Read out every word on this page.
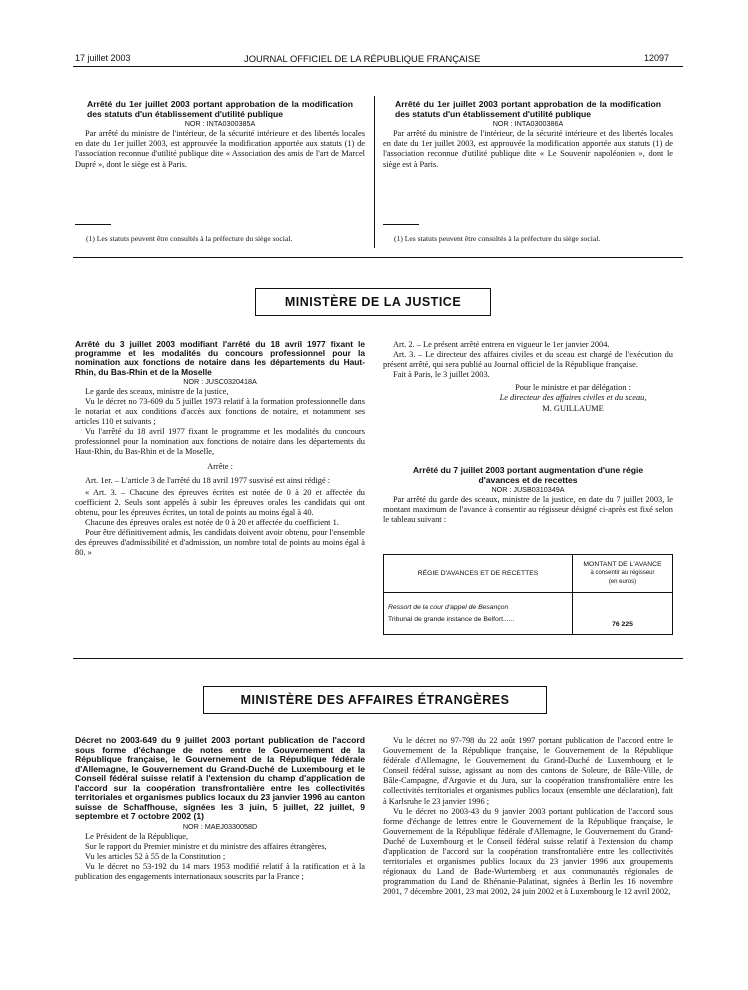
17 juillet 2003	JOURNAL OFFICIEL DE LA RÉPUBLIQUE FRANÇAISE	12097

Arrêté du 1er juillet 2003 portant approbation de la modification des statuts d'un établissement d'utilité publique

NOR : INTA0300385A

Par arrêté du ministre de l'intérieur, de la sécurité intérieure et des libertés locales en date du 1er juillet 2003, est approuvée la modification apportée aux statuts (1) de l'association reconnue d'utilité publique dite « Association des amis de l'art de Marcel Dupré », dont le siège est à Paris.

(1) Les statuts peuvent être consultés à la préfecture du siège social.

Arrêté du 1er juillet 2003 portant approbation de la modification des statuts d'un établissement d'utilité publique

NOR : INTA0300386A

Par arrêté du ministre de l'intérieur, de la sécurité intérieure et des libertés locales en date du 1er juillet 2003, est approuvée la modification apportée aux statuts (1) de l'association reconnue d'utilité publique dite « Le Souvenir napoléonien », dont le siège est à Paris.

(1) Les statuts peuvent être consultés à la préfecture du siège social.
MINISTÈRE DE LA JUSTICE

Arrêté du 3 juillet 2003 modifiant l'arrêté du 18 avril 1977 fixant le programme et les modalités du concours professionnel pour la nomination aux fonctions de notaire dans les départements du Haut-Rhin, du Bas-Rhin et de la Moselle

NOR : JUSC0320418A

Le garde des sceaux, ministre de la justice,

Vu le décret no 73-609 du 5 juillet 1973 relatif à la formation professionnelle dans le notariat et aux conditions d'accès aux fonctions de notaire, et notamment ses articles 110 et suivants ;

Vu l'arrêté du 18 avril 1977 fixant le programme et les modalités du concours professionnel pour la nomination aux fonctions de notaire dans les départements du Haut-Rhin, du Bas-Rhin et de la Moselle,

Arrête :

Art. 1er. – L'article 3 de l'arrêté du 18 avril 1977 susvisé est ainsi rédigé :

« Art. 3. – Chacune des épreuves écrites est notée de 0 à 20 et affectée du coefficient 2. Seuls sont appelés à subir les épreuves orales les candidats qui ont obtenu, pour les épreuves écrites, un total de points au moins égal à 40.

Chacune des épreuves orales est notée de 0 à 20 et affectée du coefficient 1.

Pour être définitivement admis, les candidats doivent avoir obtenu, pour l'ensemble des épreuves d'admissibilité et d'admission, un nombre total de points au moins égal à 80. »

Art. 2. – Le présent arrêté entrera en vigueur le 1er janvier 2004.

Art. 3. – Le directeur des affaires civiles et du sceau est chargé de l'exécution du présent arrêté, qui sera publié au Journal officiel de la République française.

Fait à Paris, le 3 juillet 2003.

Pour le ministre et par délégation :

Le directeur des affaires civiles et du sceau,

M. GUILLAUME

Arrêté du 7 juillet 2003 portant augmentation d'une régie d'avances et de recettes

NOR : JUSB0310349A

Par arrêté du garde des sceaux, ministre de la justice, en date du 7 juillet 2003, le montant maximum de l'avance à consentir au régisseur désigné ci-après est fixé selon le tableau suivant :

RÉGIE D'AVANCES ET DE RECETTES	MONTANT DE L'AVANCE
à consentir au régisseur
(en euros)
Ressort de la cour d'appel de Besançon
Tribunal de grande instance de Belfort......	76 225
MINISTÈRE DES AFFAIRES ÉTRANGÈRES

Décret no 2003-649 du 9 juillet 2003 portant publication de l'accord sous forme d'échange de notes entre le Gouvernement de la République française, le Gouvernement de la République fédérale d'Allemagne, le Gouvernement du Grand-Duché de Luxembourg et le Conseil fédéral suisse relatif à l'extension du champ d'application de l'accord sur la coopération transfrontalière entre les collectivités territoriales et organismes publics locaux du 23 janvier 1996 au canton suisse de Schaffhouse, signées les 3 juin, 5 juillet, 22 juillet, 9 septembre et 7 octobre 2002 (1)

NOR : MAEJ0330058D

Le Président de la République,

Sur le rapport du Premier ministre et du ministre des affaires étrangères,

Vu les articles 52 à 55 de la Constitution ;

Vu le décret no 53-192 du 14 mars 1953 modifié relatif à la ratification et à la publication des engagements internationaux souscrits par la France ;

Vu le décret no 97-798 du 22 août 1997 portant publication de l'accord entre le Gouvernement de la République française, le Gouvernement de la République fédérale d'Allemagne, le Gouvernement du Grand-Duché de Luxembourg et le Conseil fédéral suisse, agissant au nom des cantons de Soleure, de Bâle-Ville, de Bâle-Campagne, d'Argovie et du Jura, sur la coopération transfrontalière entre les collectivités territoriales et organismes publics locaux (ensemble une déclaration), fait à Karlsruhe le 23 janvier 1996 ;

Vu le décret no 2003-43 du 9 janvier 2003 portant publication de l'accord sous forme d'échange de lettres entre le Gouvernement de la République française, le Gouvernement de la République fédérale d'Allemagne, le Gouvernement du Grand-Duché de Luxembourg et le Conseil fédéral suisse relatif à l'extension du champ d'application de l'accord sur la coopération transfrontalière entre les collectivités territoriales et organismes publics locaux du 23 janvier 1996 aux groupements régionaux du Land de Bade-Wurtemberg et aux communautés régionales de programmation du Land de Rhénanie-Palatinat, signées à Berlin les 16 novembre 2001, 7 décembre 2001, 23 mai 2002, 24 juin 2002 et à Luxembourg le 12 avril 2002,
